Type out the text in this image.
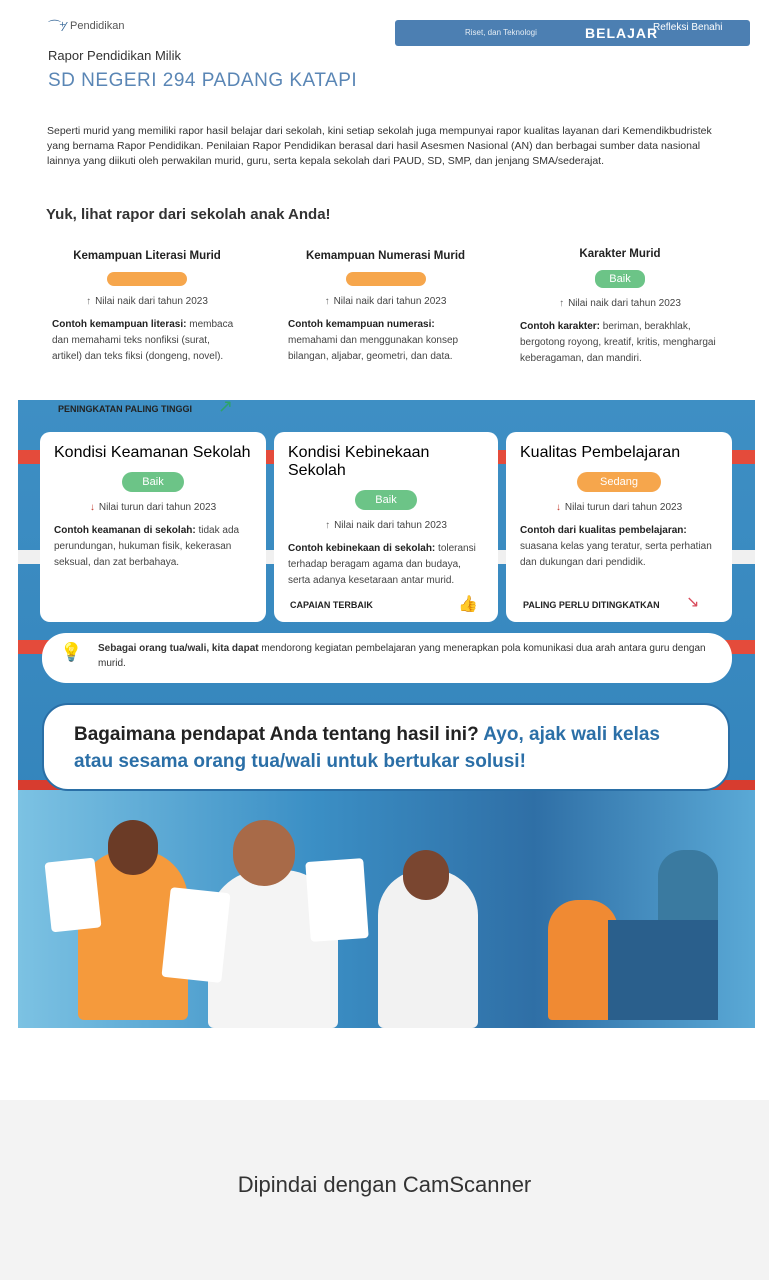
⌒⁺⁄ Pendidikan
Riset, dan Teknologi	BELAJAR
Refleksi Benahi
Rapor Pendidikan Milik
SD NEGERI 294 PADANG KATAPI
Seperti murid yang memiliki rapor hasil belajar dari sekolah, kini setiap sekolah juga mempunyai rapor kualitas layanan dari Kemendikbudristek yang bernama Rapor Pendidikan. Penilaian Rapor Pendidikan berasal dari hasil Asesmen Nasional (AN) dan berbagai sumber data nasional lainnya yang diikuti oleh perwakilan murid, guru, serta kepala sekolah dari PAUD, SD, SMP, dan jenjang SMA/sederajat.
Yuk, lihat rapor dari sekolah anak Anda!
Kemampuan Literasi Murid
↑ Nilai naik dari tahun 2023
Contoh kemampuan literasi: membaca dan memahami teks nonfiksi (surat, artikel) dan teks fiksi (dongeng, novel).
Kemampuan Numerasi Murid
↑ Nilai naik dari tahun 2023
Contoh kemampuan numerasi: memahami dan menggunakan konsep bilangan, aljabar, geometri, dan data.
Karakter Murid
Baik
↑ Nilai naik dari tahun 2023
Contoh karakter: beriman, berakhlak, bergotong royong, kreatif, kritis, menghargai keberagaman, dan mandiri.
Kondisi Keamanan Sekolah
Baik
↓ Nilai turun dari tahun 2023
Contoh keamanan di sekolah: tidak ada perundungan, hukuman fisik, kekerasan seksual, dan zat berbahaya.
Kondisi Kebinekaan Sekolah
Baik
↑ Nilai naik dari tahun 2023
Contoh kebinekaan di sekolah: toleransi terhadap beragam agama dan budaya, serta adanya kesetaraan antar murid.
Kualitas Pembelajaran
Sedang
↓ Nilai turun dari tahun 2023
Contoh dari kualitas pembelajaran: suasana kelas yang teratur, serta perhatian dan dukungan dari pendidik.
CAPAIAN TERBAIK	👍	PALING PERLU DITINGKATKAN ↘
PENINGKATAN PALING TINGGI ↗
💡 Sebagai orang tua/wali, kita dapat mendorong kegiatan pembelajaran yang menerapkan pola komunikasi dua arah antara guru dengan murid.
Bagaimana pendapat Anda tentang hasil ini? Ayo, ajak wali kelas atau sesama orang tua/wali untuk bertukar solusi!
Dipindai dengan CamScanner
